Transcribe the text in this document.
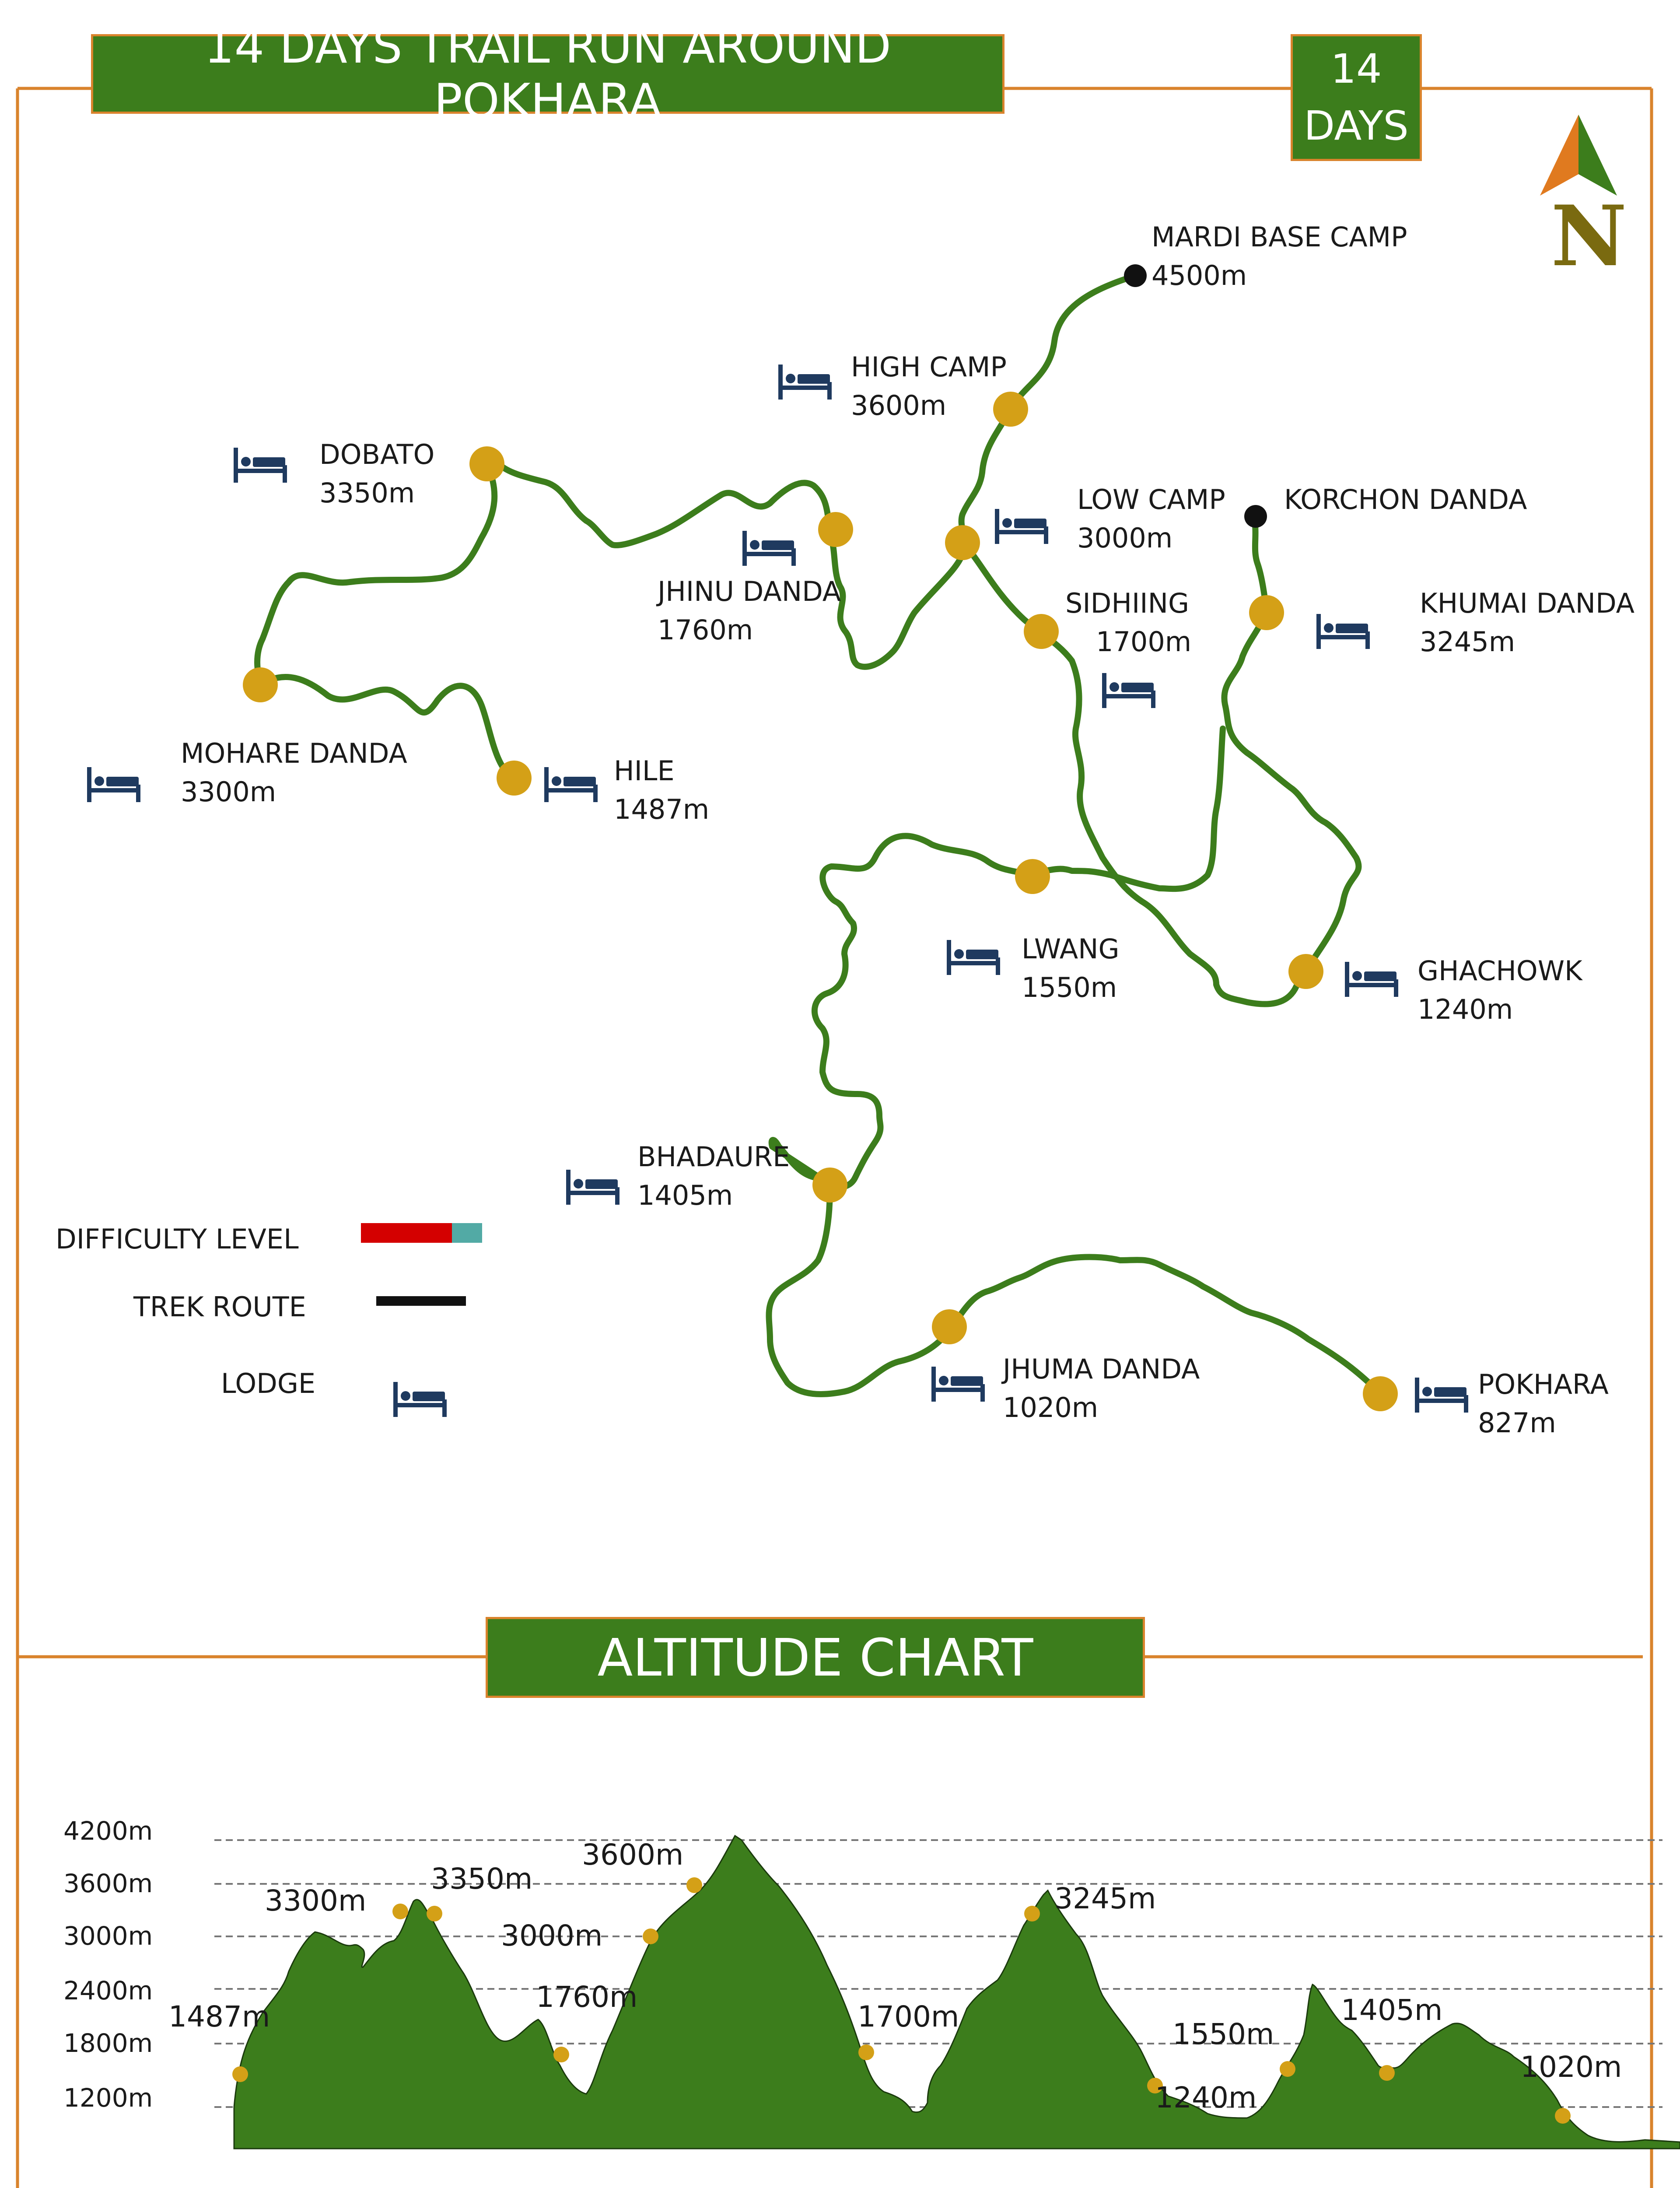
14 DAYS TRAIL RUN AROUND POKHARA
14
DAYS
N
MARDI BASE CAMP
4500m
HIGH CAMP
3600m
DOBATO
3350m	LOW CAMP
3000m
KORCHON DANDA
JHINU DANDA
1760m
SIDHIING
1700m
KHUMAI DANDA
3245m
MOHARE DANDA
3300m
HILE
1487m
LWANG
1550m
GHACHOWK
1240m
BHADAURE
1405m
JHUMA DANDA
1020m
POKHARA
827m
DIFFICULTY LEVEL
TREK ROUTE
LODGE
ALTITUDE CHART
4200m
3600m
3000m
2400m
1800m
1200m
1487m
3300m
3350m
1760m
3600m
3000m
1700m
3245m
1550m
1240m
1405m
1020m
